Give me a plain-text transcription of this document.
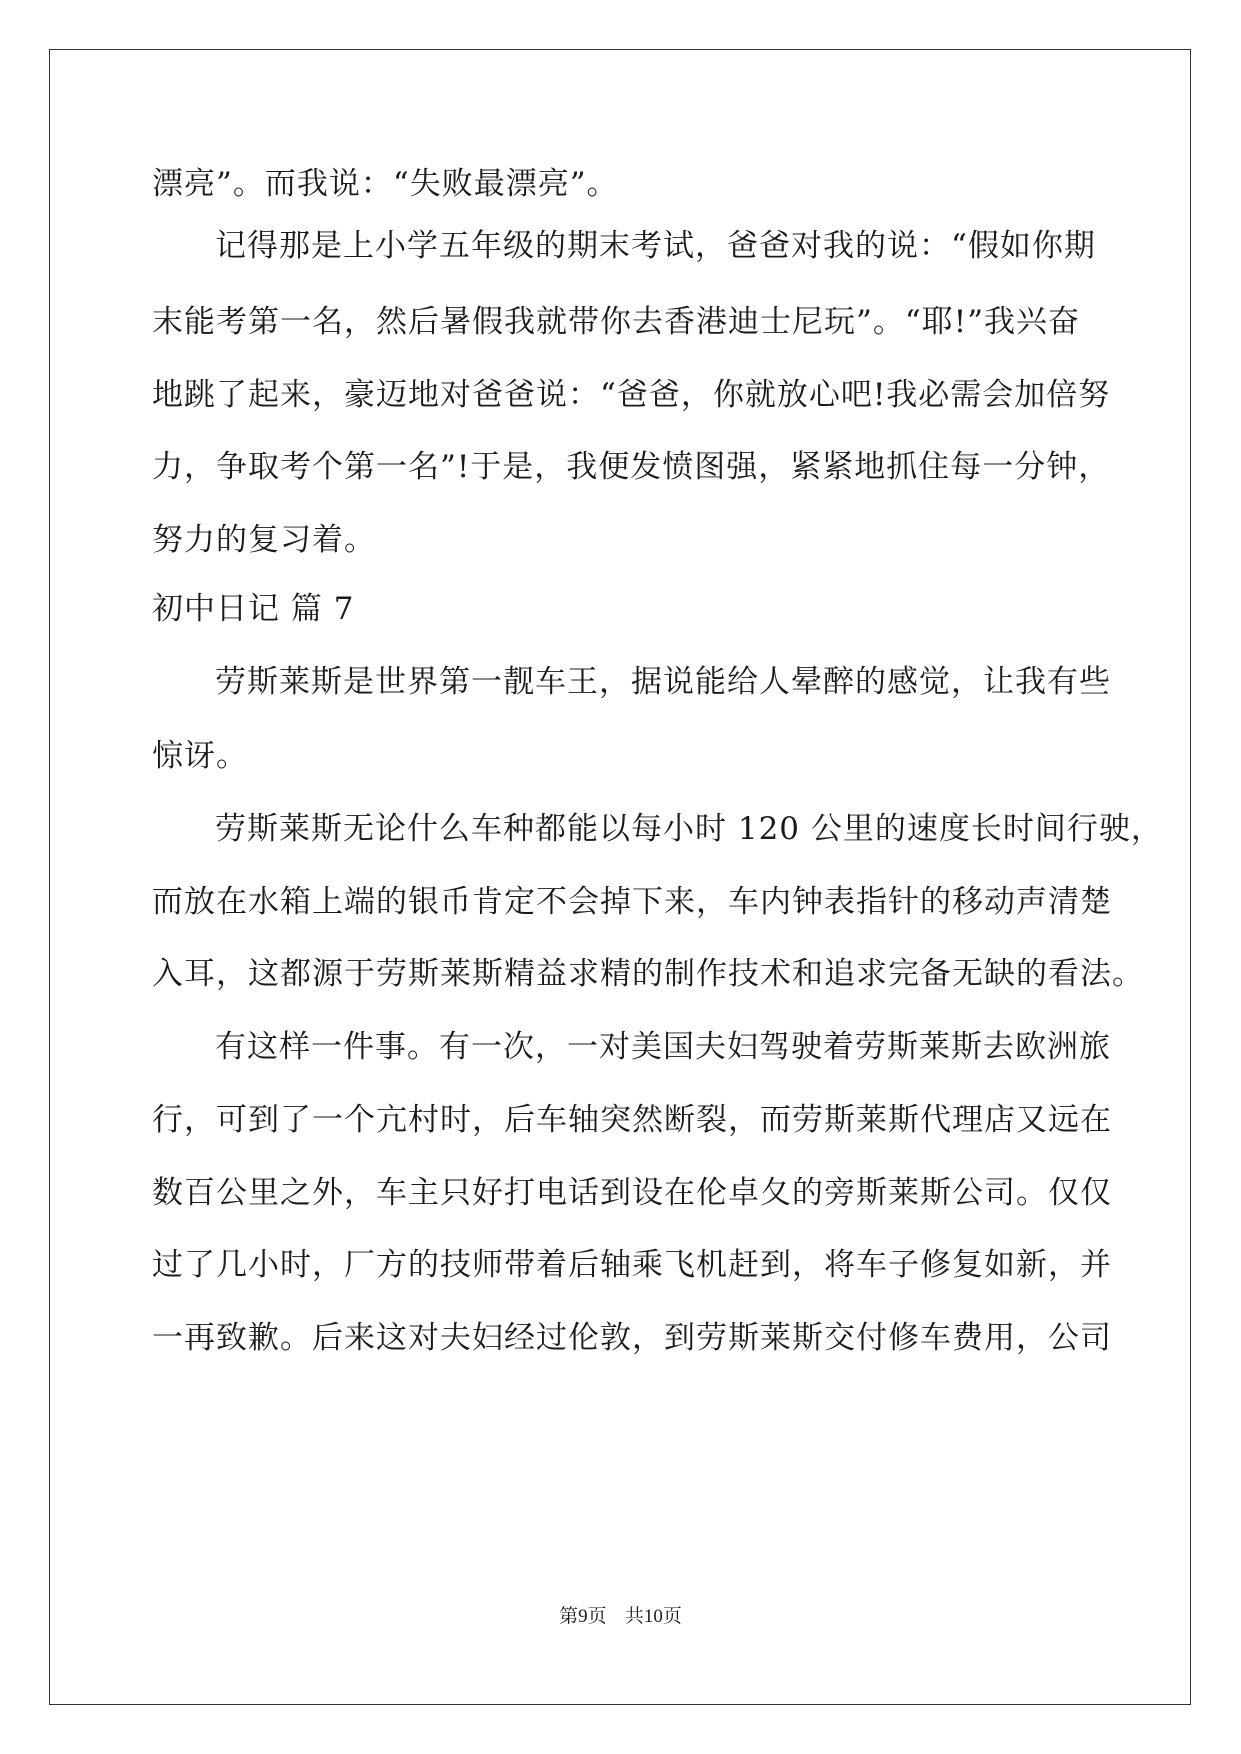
漂亮”。而我说：“失败最漂亮”。
记得那是上小学五年级的期末考试，爸爸对我的说：“假如你期
末能考第一名，然后暑假我就带你去香港迪士尼玩”。“耶!”我兴奋
地跳了起来，豪迈地对爸爸说：“爸爸，你就放心吧!我必需会加倍努
力，争取考个第一名”!于是，我便发愤图强，紧紧地抓住每一分钟，
努力的复习着。
初中日记 篇 7
劳斯莱斯是世界第一靓车王，据说能给人晕醉的感觉，让我有些
惊讶。
劳斯莱斯无论什么车种都能以每小时 120 公里的速度长时间行驶，
而放在水箱上端的银币肯定不会掉下来，车内钟表指针的移动声清楚
入耳，这都源于劳斯莱斯精益求精的制作技术和追求完备无缺的看法。
有这样一件事。有一次，一对美国夫妇驾驶着劳斯莱斯去欧洲旅
行，可到了一个亢村时，后车轴突然断裂，而劳斯莱斯代理店又远在
数百公里之外，车主只好打电话到设在伦卓夂的旁斯莱斯公司。仅仅
过了几小时，厂方的技师带着后轴乘飞机赶到，将车子修复如新，并
一再致歉。后来这对夫妇经过伦敦，到劳斯莱斯交付修车费用，公司
第9页 共10页
